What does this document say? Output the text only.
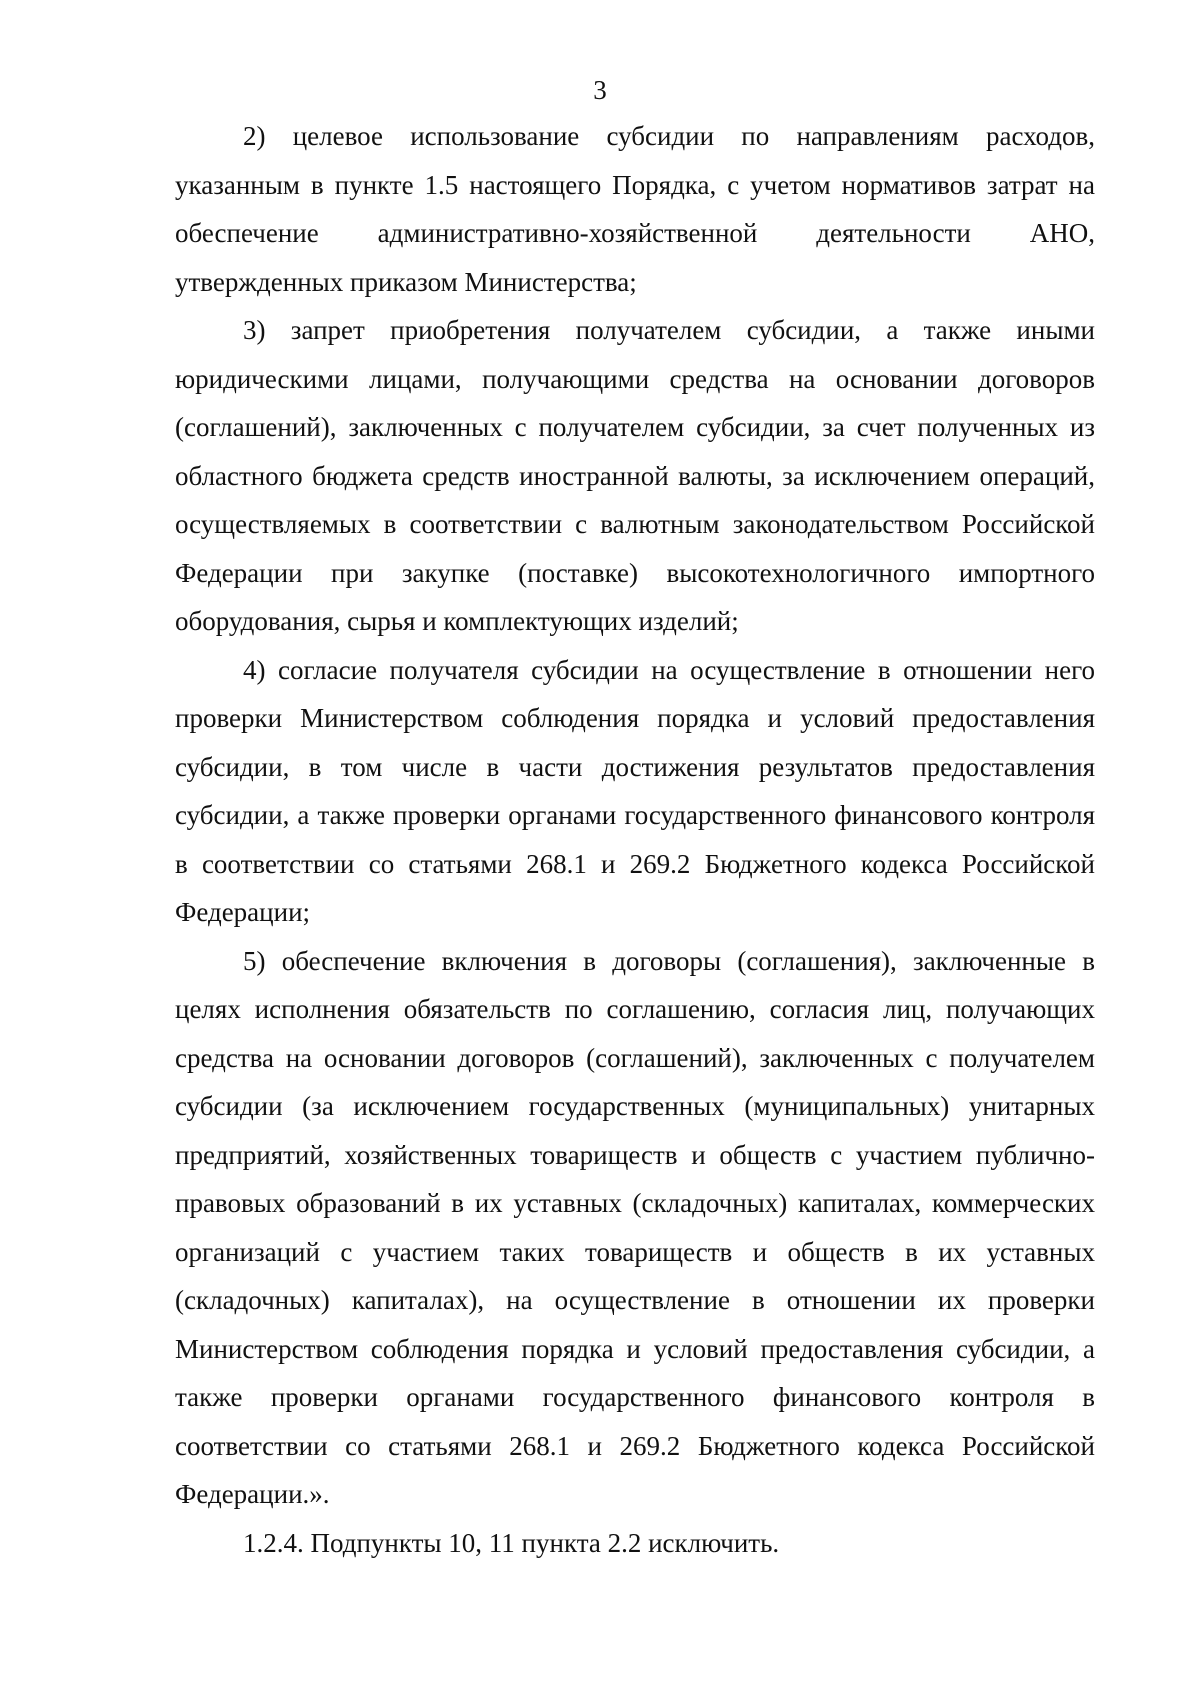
3

2) целевое использование субсидии по направлениям расходов, указанным в пункте 1.5 настоящего Порядка, с учетом нормативов затрат на обеспечение административно-хозяйственной деятельности АНО, утвержденных приказом Министерства;

3) запрет приобретения получателем субсидии, а также иными юридическими лицами, получающими средства на основании договоров (соглашений), заключенных с получателем субсидии, за счет полученных из областного бюджета средств иностранной валюты, за исключением операций, осуществляемых в соответствии с валютным законодательством Российской Федерации при закупке (поставке) высокотехнологичного импортного оборудования, сырья и комплектующих изделий;

4) согласие получателя субсидии на осуществление в отношении него проверки Министерством соблюдения порядка и условий предоставления субсидии, в том числе в части достижения результатов предоставления субсидии, а также проверки органами государственного финансового контроля в соответствии со статьями 268.1 и 269.2 Бюджетного кодекса Российской Федерации;

5) обеспечение включения в договоры (соглашения), заключенные в целях исполнения обязательств по соглашению, согласия лиц, получающих средства на основании договоров (соглашений), заключенных с получателем субсидии (за исключением государственных (муниципальных) унитарных предприятий, хозяйственных товариществ и обществ с участием публично-правовых образований в их уставных (складочных) капиталах, коммерческих организаций с участием таких товариществ и обществ в их уставных (складочных) капиталах), на осуществление в отношении их проверки Министерством соблюдения порядка и условий предоставления субсидии, а также проверки органами государственного финансового контроля в соответствии со статьями 268.1 и 269.2 Бюджетного кодекса Российской Федерации.».

1.2.4. Подпункты 10, 11 пункта 2.2 исключить.
